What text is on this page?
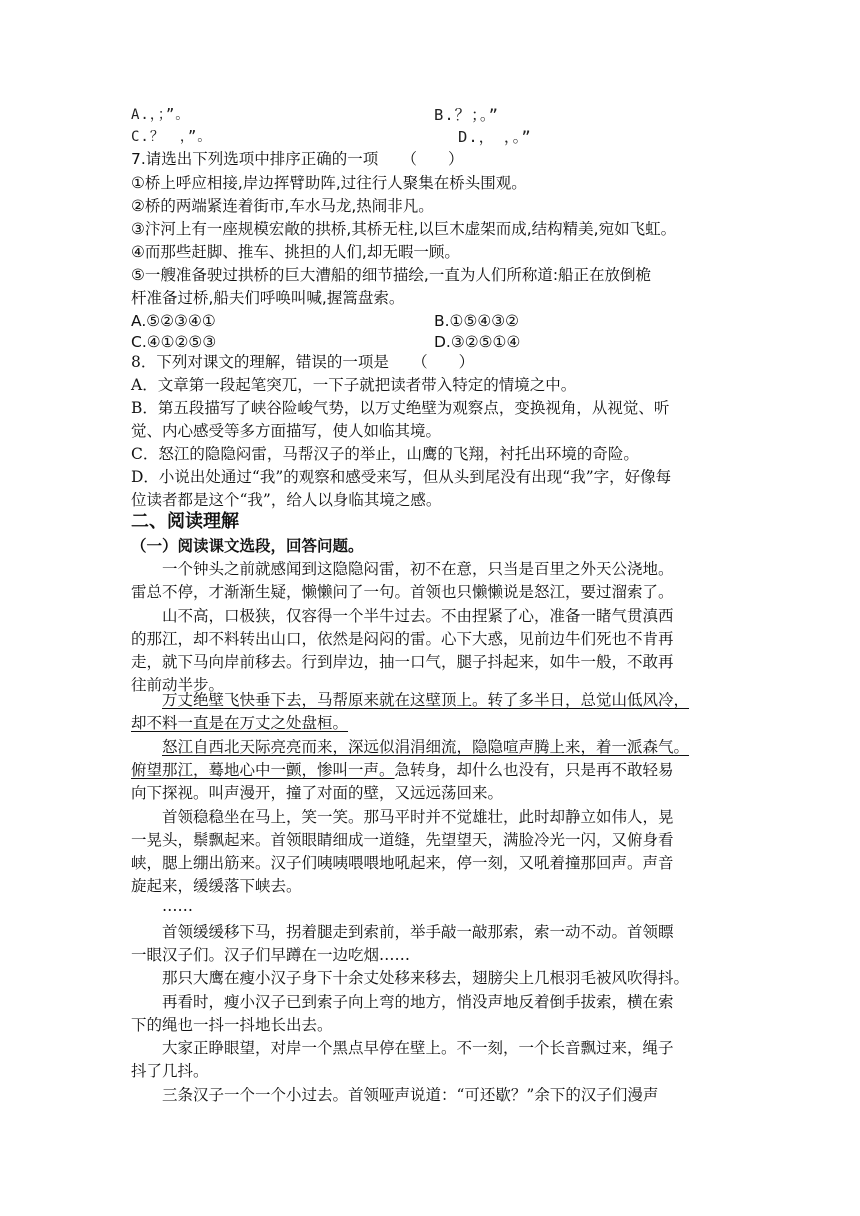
A.，；”。	B.？；。”
C.？　，”。	D.，　，。”
7.请选出下列选项中排序正确的一项　　（　　）
①桥上呼应相接,岸边挥臂助阵,过往行人聚集在桥头围观。
②桥的两端紧连着街市,车水马龙,热闹非凡。
③汴河上有一座规模宏敞的拱桥,其桥无柱,以巨木虚架而成,结构精美,宛如飞虹。
④而那些赶脚、推车、挑担的人们,却无暇一顾。
⑤一艘准备驶过拱桥的巨大漕船的细节描绘,一直为人们所称道:船正在放倒桅
杆准备过桥,船夫们呼唤叫喊,握篙盘索。
A.⑤②③④①	B.①⑤④③②
C.④①②⑤③	D.③②⑤①④
8．下列对课文的理解，错误的一项是　　（　　）
A．文章第一段起笔突兀，一下子就把读者带入特定的情境之中。
B．第五段描写了峡谷险峻气势，以万丈绝壁为观察点，变换视角，从视觉、听
觉、内心感受等多方面描写，使人如临其境。
C．怒江的隐隐闷雷，马帮汉子的举止，山鹰的飞翔，衬托出环境的奇险。
D．小说出处通过“我”的观察和感受来写，但从头到尾没有出现“我”字，好像每
位读者都是这个“我”，给人以身临其境之感。
二、阅读理解
（一）阅读课文选段，回答问题。
一个钟头之前就感闻到这隐隐闷雷，初不在意，只当是百里之外天公浇地。
雷总不停，才渐渐生疑，懒懒问了一句。首领也只懒懒说是怒江，要过溜索了。
山不高，口极狭，仅容得一个半牛过去。不由捏紧了心，准备一睹气贯滇西
的那江，却不料转出山口，依然是闷闷的雷。心下大惑，见前边牛们死也不肯再
走，就下马向岸前移去。行到岸边，抽一口气，腿子抖起来，如牛一般，不敢再
往前动半步。
万丈绝壁飞快垂下去，马帮原来就在这壁顶上。转了多半日，总觉山低风冷，
却不料一直是在万丈之处盘桓。
怒江自西北天际亮亮而来，深远似涓涓细流，隐隐喧声腾上来，着一派森气。
俯望那江，蓦地心中一颤，惨叫一声。急转身，却什么也没有，只是再不敢轻易
向下探视。叫声漫开，撞了对面的壁，又远远荡回来。
首领稳稳坐在马上，笑一笑。那马平时并不觉雄壮，此时却静立如伟人，晃
一晃头，鬃飘起来。首领眼睛细成一道缝，先望望天，满脸冷光一闪，又俯身看
峡，腮上绷出筋来。汉子们咦咦喂喂地吼起来，停一刻，又吼着撞那回声。声音
旋起来，缓缓落下峡去。
……
首领缓缓移下马，拐着腿走到索前，举手敲一敲那索，索一动不动。首领瞟
一眼汉子们。汉子们早蹲在一边吃烟……
那只大鹰在瘦小汉子身下十余丈处移来移去，翅膀尖上几根羽毛被风吹得抖。
再看时，瘦小汉子已到索子向上弯的地方，悄没声地反着倒手拔索，横在索
下的绳也一抖一抖地长出去。
大家正睁眼望，对岸一个黑点早停在壁上。不一刻，一个长音飘过来，绳子
抖了几抖。
三条汉子一个一个小过去。首领哑声说道：“可还歇？”余下的汉子们漫声
